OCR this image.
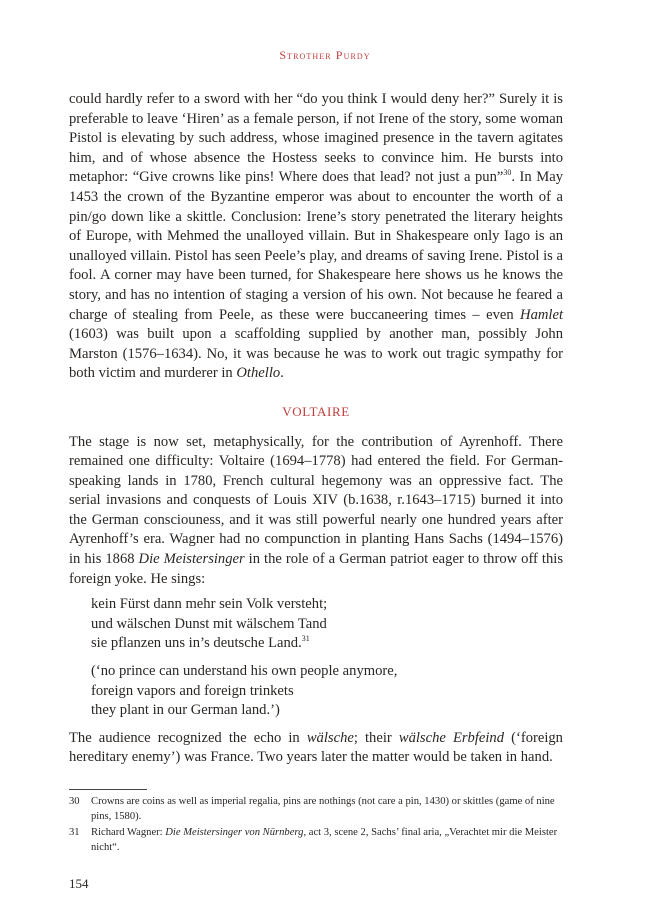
Strother Purdy

could hardly refer to a sword with her “do you think I would deny her?” Surely it is preferable to leave ‘Hiren’ as a female person, if not Irene of the story, some woman Pistol is elevating by such address, whose imagined presence in the tavern agitates him, and of whose absence the Hostess seeks to convince him. He bursts into metaphor: “Give crowns like pins! Where does that lead? not just a pun”$^{30}$. In May 1453 the crown of the Byzantine emperor was about to encounter the worth of a pin/go down like a skittle. Conclusion: Irene’s story penetrated the literary heights of Europe, with Mehmed the unalloyed villain. But in Shakespeare only Iago is an unalloyed villain. Pistol has seen Peele’s play, and dreams of saving Irene. Pistol is a fool. A corner may have been turned, for Shakespeare here shows us he knows the story, and has no intention of staging a version of his own. Not because he feared a charge of stealing from Peele, as these were buccaneering times – even Hamlet (1603) was built upon a scaffolding supplied by another man, possibly John Marston (1576–1634). No, it was because he was to work out tragic sympathy for both victim and murderer in Othello.

VOLTAIRE

The stage is now set, metaphysically, for the contribution of Ayrenhoff. There remained one difficulty: Voltaire (1694–1778) had entered the field. For German-speaking lands in 1780, French cultural hegemony was an oppressive fact. The serial invasions and conquests of Louis XIV (b.1638, r.1643–1715) burned it into the German consciouness, and it was still powerful nearly one hundred years after Ayrenhoff’s era. Wagner had no compunction in planting Hans Sachs (1494–1576) in his 1868 Die Meistersinger in the role of a German patriot eager to throw off this foreign yoke. He sings:

kein Fürst dann mehr sein Volk versteht;
und wälschen Dunst mit wälschem Tand
sie pflanzen uns in’s deutsche Land.$^{31}$
(‘no prince can understand his own people anymore,
foreign vapors and foreign trinkets
they plant in our German land.’)

The audience recognized the echo in wälsche; their wälsche Erbfeind (‘foreign hereditary enemy’) was France. Two years later the matter would be taken in hand.

30	Crowns are coins as well as imperial regalia, pins are nothings (not care a pin, 1430) or skittles (game of nine pins, 1580).
31	Richard Wagner: Die Meistersinger von Nürnberg, act 3, scene 2, Sachs’ final aria, „Verachtet mir die Meister nicht“.
154
